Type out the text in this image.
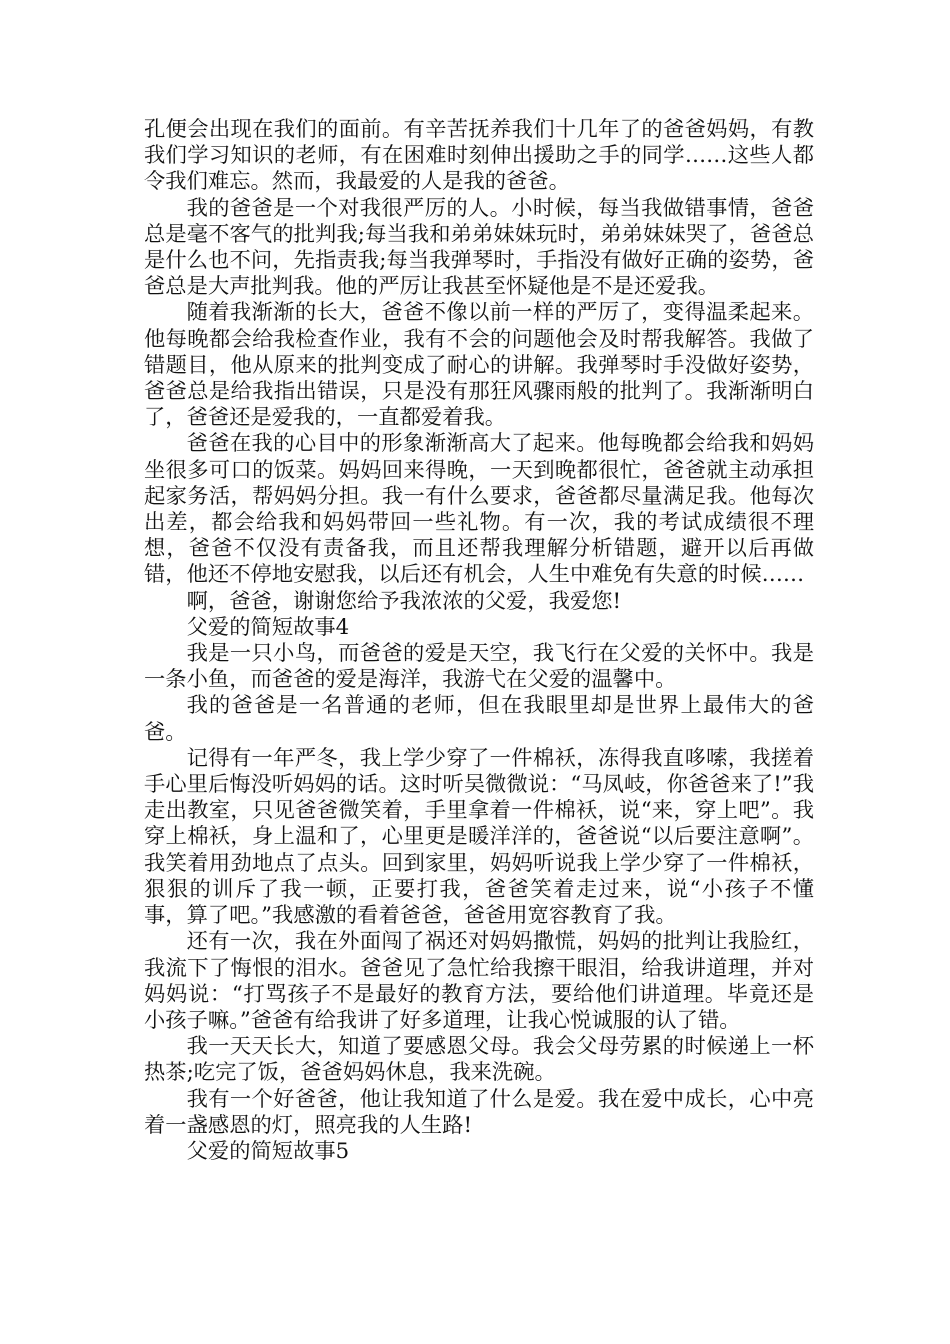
孔便会出现在我们的面前。有辛苦抚养我们十几年了的爸爸妈妈，有教我们学习知识的老师，有在困难时刻伸出援助之手的同学……这些人都令我们难忘。然而，我最爱的人是我的爸爸。

我的爸爸是一个对我很严厉的人。小时候，每当我做错事情，爸爸总是毫不客气的批判我;每当我和弟弟妹妹玩时，弟弟妹妹哭了，爸爸总是什么也不问，先指责我;每当我弹琴时，手指没有做好正确的姿势，爸爸总是大声批判我。他的严厉让我甚至怀疑他是不是还爱我。

随着我渐渐的长大，爸爸不像以前一样的严厉了，变得温柔起来。他每晚都会给我检查作业，我有不会的问题他会及时帮我解答。我做了错题目，他从原来的批判变成了耐心的讲解。我弹琴时手没做好姿势，爸爸总是给我指出错误，只是没有那狂风骤雨般的批判了。我渐渐明白了，爸爸还是爱我的，一直都爱着我。

爸爸在我的心目中的形象渐渐高大了起来。他每晚都会给我和妈妈坐很多可口的饭菜。妈妈回来得晚，一天到晚都很忙，爸爸就主动承担起家务活，帮妈妈分担。我一有什么要求，爸爸都尽量满足我。他每次出差，都会给我和妈妈带回一些礼物。有一次，我的考试成绩很不理想，爸爸不仅没有责备我，而且还帮我理解分析错题，避开以后再做错，他还不停地安慰我，以后还有机会，人生中难免有失意的时候……

啊，爸爸，谢谢您给予我浓浓的父爱，我爱您!

父爱的简短故事4

我是一只小鸟，而爸爸的爱是天空，我飞行在父爱的关怀中。我是一条小鱼，而爸爸的爱是海洋，我游弋在父爱的温馨中。

我的爸爸是一名普通的老师，但在我眼里却是世界上最伟大的爸爸。

记得有一年严冬，我上学少穿了一件棉袄，冻得我直哆嗦，我搓着手心里后悔没听妈妈的话。这时听吴微微说：“马凤岐，你爸爸来了!”我走出教室，只见爸爸微笑着，手里拿着一件棉袄，说“来，穿上吧”。我穿上棉袄，身上温和了，心里更是暖洋洋的，爸爸说“以后要注意啊”。我笑着用劲地点了点头。回到家里，妈妈听说我上学少穿了一件棉袄，狠狠的训斥了我一顿，正要打我，爸爸笑着走过来，说“小孩子不懂事，算了吧。”我感激的看着爸爸，爸爸用宽容教育了我。

还有一次，我在外面闯了祸还对妈妈撒慌，妈妈的批判让我脸红，我流下了悔恨的泪水。爸爸见了急忙给我擦干眼泪，给我讲道理，并对妈妈说：“打骂孩子不是最好的教育方法，要给他们讲道理。毕竟还是小孩子嘛。”爸爸有给我讲了好多道理，让我心悦诚服的认了错。

我一天天长大，知道了要感恩父母。我会父母劳累的时候递上一杯热茶;吃完了饭，爸爸妈妈休息，我来洗碗。

我有一个好爸爸，他让我知道了什么是爱。我在爱中成长，心中亮着一盏感恩的灯，照亮我的人生路!

父爱的简短故事5
